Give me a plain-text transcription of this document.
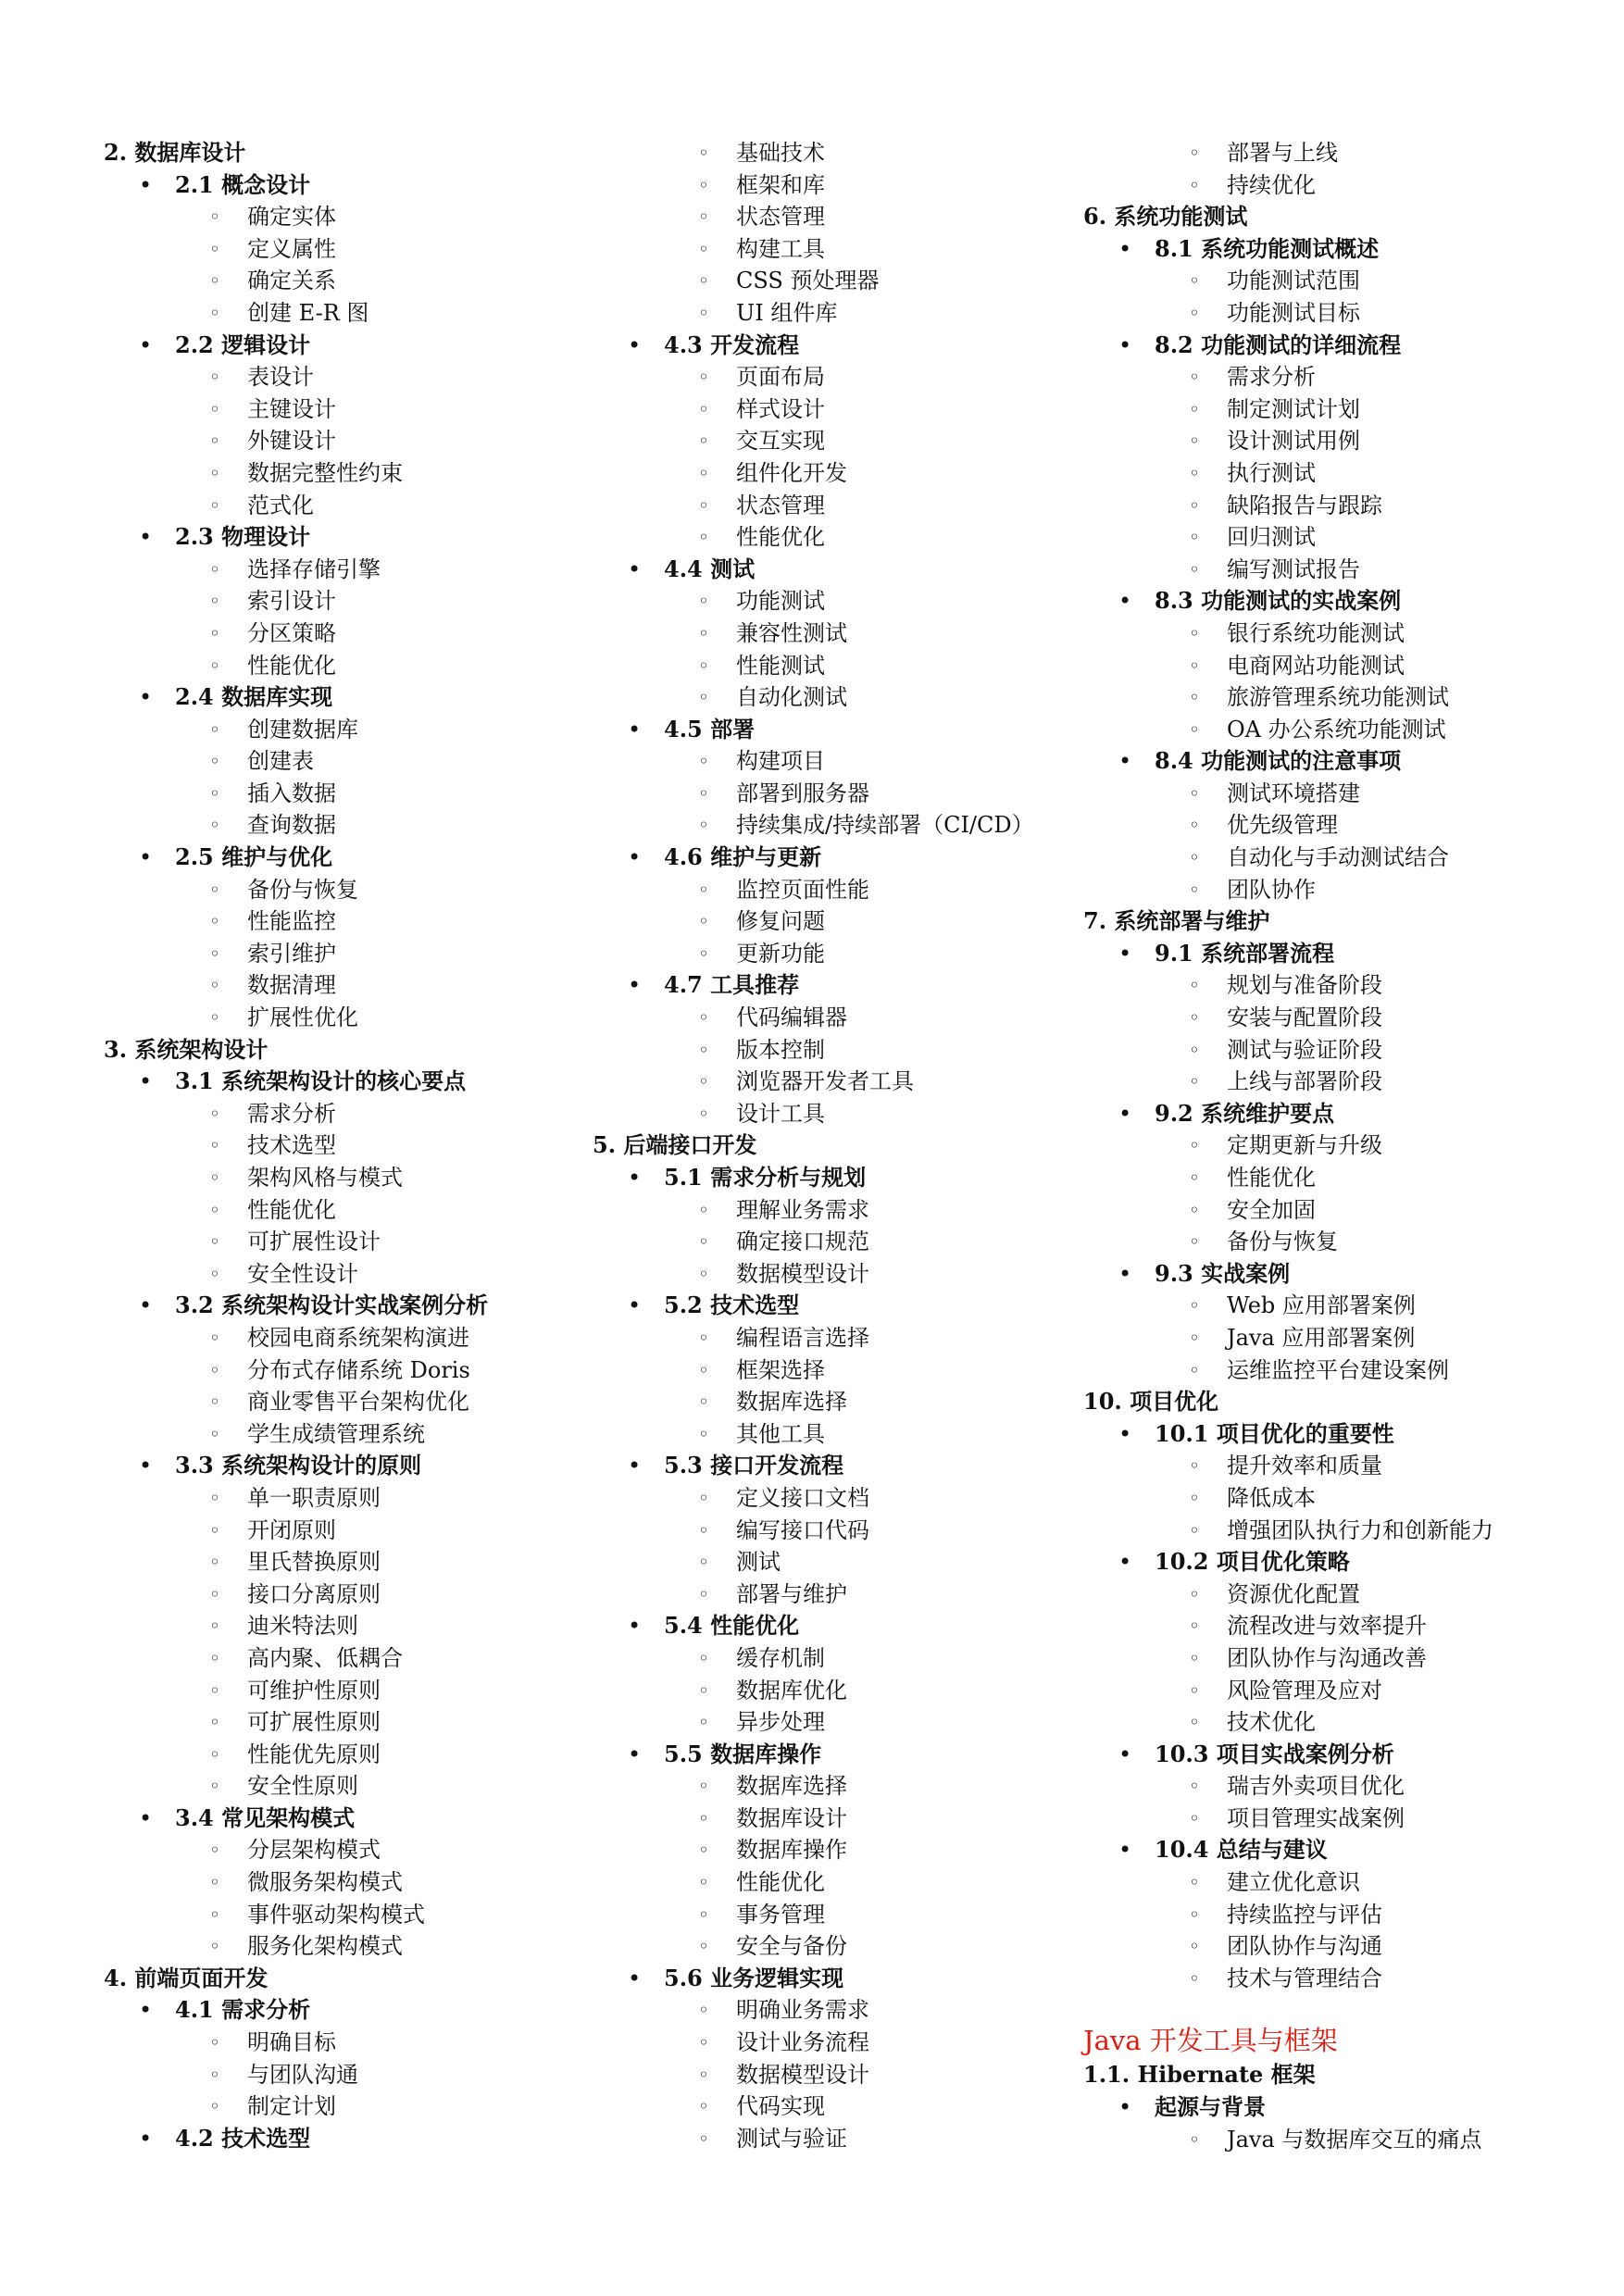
2. 数据库设计
• 2.1 概念设计
◦ 确定实体
◦ 定义属性
◦ 确定关系
◦ 创建 E-R 图
• 2.2 逻辑设计
◦ 表设计
◦ 主键设计
◦ 外键设计
◦ 数据完整性约束
◦ 范式化
• 2.3 物理设计
◦ 选择存储引擎
◦ 索引设计
◦ 分区策略
◦ 性能优化
• 2.4 数据库实现
◦ 创建数据库
◦ 创建表
◦ 插入数据
◦ 查询数据
• 2.5 维护与优化
◦ 备份与恢复
◦ 性能监控
◦ 索引维护
◦ 数据清理
◦ 扩展性优化
3. 系统架构设计
• 3.1 系统架构设计的核心要点
◦ 需求分析
◦ 技术选型
◦ 架构风格与模式
◦ 性能优化
◦ 可扩展性设计
◦ 安全性设计
• 3.2 系统架构设计实战案例分析
◦ 校园电商系统架构演进
◦ 分布式存储系统 Doris
◦ 商业零售平台架构优化
◦ 学生成绩管理系统
• 3.3 系统架构设计的原则
◦ 单一职责原则
◦ 开闭原则
◦ 里氏替换原则
◦ 接口分离原则
◦ 迪米特法则
◦ 高内聚、低耦合
◦ 可维护性原则
◦ 可扩展性原则
◦ 性能优先原则
◦ 安全性原则
• 3.4 常见架构模式
◦ 分层架构模式
◦ 微服务架构模式
◦ 事件驱动架构模式
◦ 服务化架构模式
4. 前端页面开发
• 4.1 需求分析
◦ 明确目标
◦ 与团队沟通
◦ 制定计划
• 4.2 技术选型
◦ 基础技术
◦ 框架和库
◦ 状态管理
◦ 构建工具
◦ CSS 预处理器
◦ UI 组件库
• 4.3 开发流程
◦ 页面布局
◦ 样式设计
◦ 交互实现
◦ 组件化开发
◦ 状态管理
◦ 性能优化
• 4.4 测试
◦ 功能测试
◦ 兼容性测试
◦ 性能测试
◦ 自动化测试
• 4.5 部署
◦ 构建项目
◦ 部署到服务器
◦ 持续集成/持续部署（CI/CD）
• 4.6 维护与更新
◦ 监控页面性能
◦ 修复问题
◦ 更新功能
• 4.7 工具推荐
◦ 代码编辑器
◦ 版本控制
◦ 浏览器开发者工具
◦ 设计工具
5. 后端接口开发
• 5.1 需求分析与规划
◦ 理解业务需求
◦ 确定接口规范
◦ 数据模型设计
• 5.2 技术选型
◦ 编程语言选择
◦ 框架选择
◦ 数据库选择
◦ 其他工具
• 5.3 接口开发流程
◦ 定义接口文档
◦ 编写接口代码
◦ 测试
◦ 部署与维护
• 5.4 性能优化
◦ 缓存机制
◦ 数据库优化
◦ 异步处理
• 5.5 数据库操作
◦ 数据库选择
◦ 数据库设计
◦ 数据库操作
◦ 性能优化
◦ 事务管理
◦ 安全与备份
• 5.6 业务逻辑实现
◦ 明确业务需求
◦ 设计业务流程
◦ 数据模型设计
◦ 代码实现
◦ 测试与验证
◦ 部署与上线
◦ 持续优化
6. 系统功能测试
• 8.1 系统功能测试概述
◦ 功能测试范围
◦ 功能测试目标
• 8.2 功能测试的详细流程
◦ 需求分析
◦ 制定测试计划
◦ 设计测试用例
◦ 执行测试
◦ 缺陷报告与跟踪
◦ 回归测试
◦ 编写测试报告
• 8.3 功能测试的实战案例
◦ 银行系统功能测试
◦ 电商网站功能测试
◦ 旅游管理系统功能测试
◦ OA 办公系统功能测试
• 8.4 功能测试的注意事项
◦ 测试环境搭建
◦ 优先级管理
◦ 自动化与手动测试结合
◦ 团队协作
7. 系统部署与维护
• 9.1 系统部署流程
◦ 规划与准备阶段
◦ 安装与配置阶段
◦ 测试与验证阶段
◦ 上线与部署阶段
• 9.2 系统维护要点
◦ 定期更新与升级
◦ 性能优化
◦ 安全加固
◦ 备份与恢复
• 9.3 实战案例
◦ Web 应用部署案例
◦ Java 应用部署案例
◦ 运维监控平台建设案例
10. 项目优化
• 10.1 项目优化的重要性
◦ 提升效率和质量
◦ 降低成本
◦ 增强团队执行力和创新能力
• 10.2 项目优化策略
◦ 资源优化配置
◦ 流程改进与效率提升
◦ 团队协作与沟通改善
◦ 风险管理及应对
◦ 技术优化
• 10.3 项目实战案例分析
◦ 瑞吉外卖项目优化
◦ 项目管理实战案例
• 10.4 总结与建议
◦ 建立优化意识
◦ 持续监控与评估
◦ 团队协作与沟通
◦ 技术与管理结合
Java 开发工具与框架
1.1. Hibernate 框架
• 起源与背景
◦ Java 与数据库交互的痛点
